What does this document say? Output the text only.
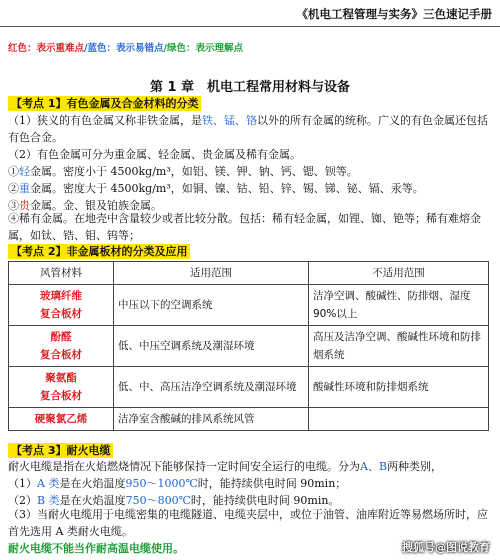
《机电工程管理与实务》三色速记手册
红色：表示重难点/蓝色：表示易错点/绿色：表示理解点
第 1 章　机电工程常用材料与设备
【考点 1】有色金属及合金材料的分类
（1）狭义的有色金属又称非铁金属，是铁、锰、铬以外的所有金属的统称。广义的有色金属还包括有色合金。
（2）有色金属可分为重金属、轻金属、贵金属及稀有金属。
①轻金属。密度小于 4500kg/m³，如铝、镁、钾、钠、钙、锶、钡等。
②重金属。密度大于 4500kg/m³，如铜、镍、钴、铅、锌、锡、锑、铋、镉、汞等。
③贵金属。金、银及铂族金属。
④稀有金属。在地壳中含量较少或者比较分散。包括：稀有轻金属，如锂、铷、铯等；稀有难熔金属，如钛、锆、钼、钨等；
【考点 2】非金属板材的分类及应用
风管材料	适用范围	不适用范围
玻璃纤维
复合板材	中压以下的空调系统	洁净空调、酸碱性、防排烟、湿度 90%以上
酚醛
复合板材	低、中压空调系统及潮湿环境	高压及洁净空调、酸碱性环境和防排烟系统
聚氨酯
复合板材	低、中、高压洁净空调系统及潮湿环境	酸碱性环境和防排烟系统
硬聚氯乙烯	洁净室含酸碱的排风系统风管	
【考点 3】耐火电缆
耐火电缆是指在火焰燃烧情况下能够保持一定时间安全运行的电缆。分为A、B两种类别，
（1）A 类是在火焰温度950～1000℃时，能持续供电时间 90min；
（2）B 类是在火焰温度750～800℃时，能持续供电时间 90min。
（3）当耐火电缆用于电缆密集的电缆隧道、电缆夹层中，或位于油管、油库附近等易燃场所时，应首先选用 A 类耐火电缆。
耐火电缆不能当作耐高温电缆使用。	搜狐号@图说教育
